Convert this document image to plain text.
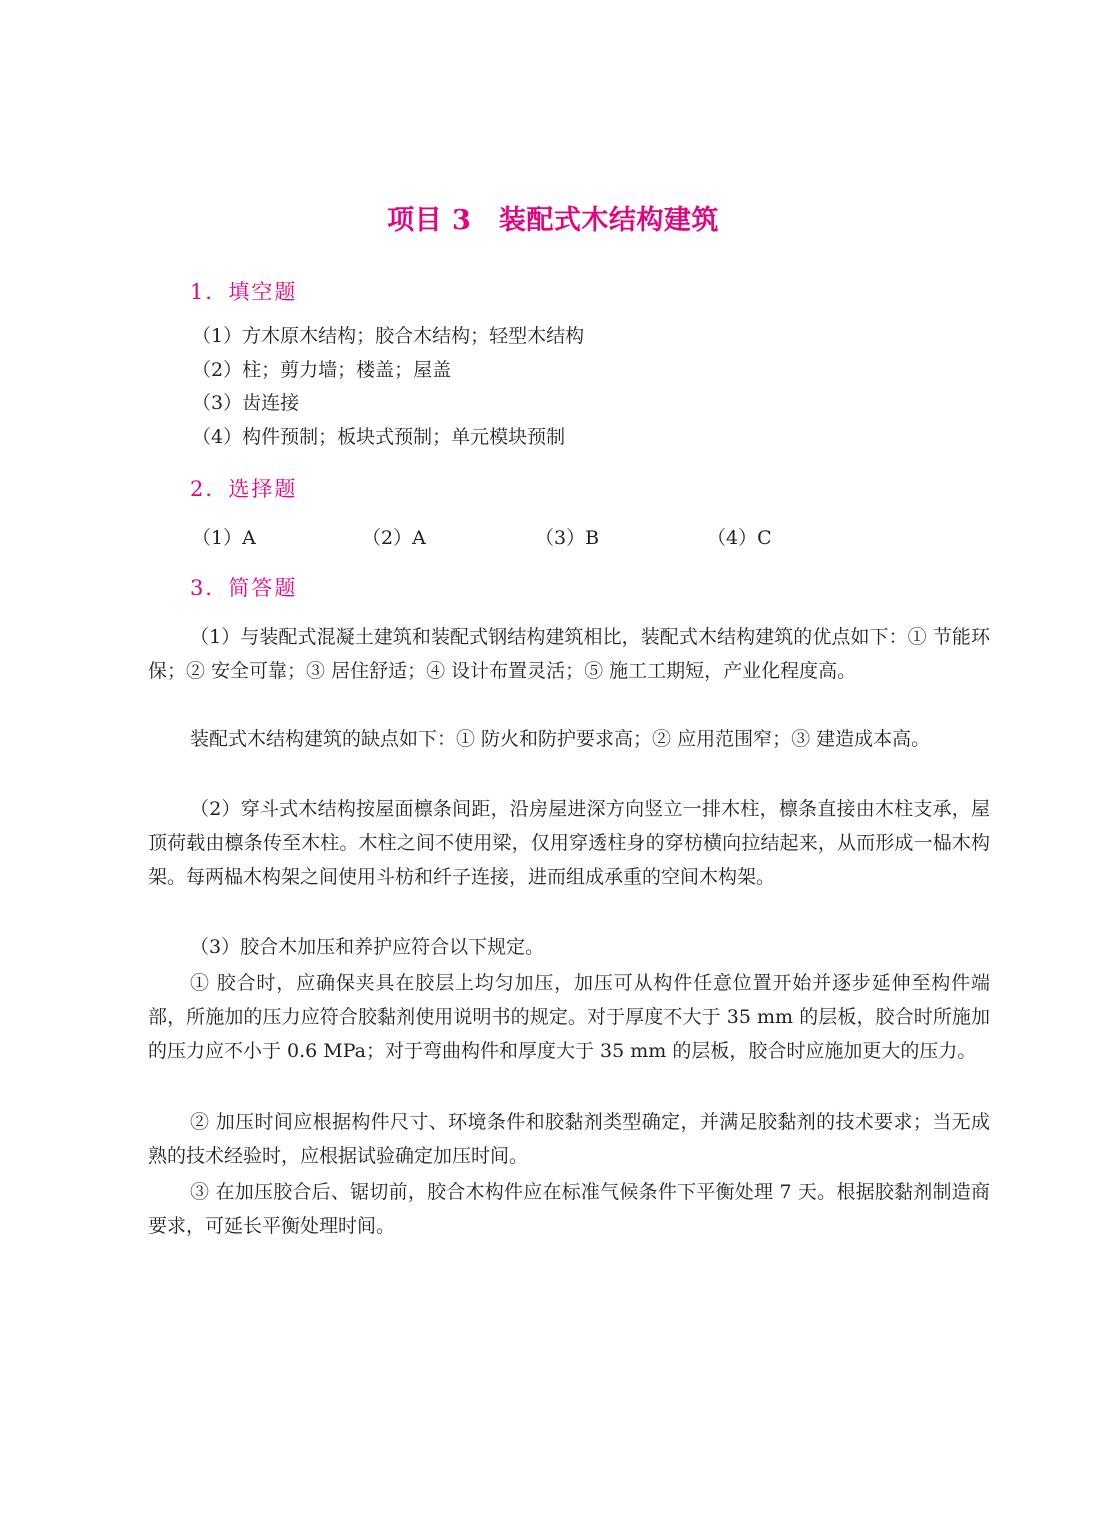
项目 3　装配式木结构建筑
1．填空题
（1）方木原木结构；胶合木结构；轻型木结构
（2）柱；剪力墙；楼盖；屋盖
（3）齿连接
（4）构件预制；板块式预制；单元模块预制
2．选择题
（1）A	（2）A	（3）B	（4）C
3．简答题
（1）与装配式混凝土建筑和装配式钢结构建筑相比，装配式木结构建筑的优点如下：① 节能环保；② 安全可靠；③ 居住舒适；④ 设计布置灵活；⑤ 施工工期短，产业化程度高。
装配式木结构建筑的缺点如下：① 防火和防护要求高；② 应用范围窄；③ 建造成本高。
（2）穿斗式木结构按屋面檩条间距，沿房屋进深方向竖立一排木柱，檩条直接由木柱支承，屋顶荷载由檩条传至木柱。木柱之间不使用梁，仅用穿透柱身的穿枋横向拉结起来，从而形成一榀木构架。每两榀木构架之间使用斗枋和纤子连接，进而组成承重的空间木构架。
（3）胶合木加压和养护应符合以下规定。
① 胶合时，应确保夹具在胶层上均匀加压，加压可从构件任意位置开始并逐步延伸至构件端部，所施加的压力应符合胶黏剂使用说明书的规定。对于厚度不大于 35 mm 的层板，胶合时所施加的压力应不小于 0.6 MPa；对于弯曲构件和厚度大于 35 mm 的层板，胶合时应施加更大的压力。
② 加压时间应根据构件尺寸、环境条件和胶黏剂类型确定，并满足胶黏剂的技术要求；当无成熟的技术经验时，应根据试验确定加压时间。
③ 在加压胶合后、锯切前，胶合木构件应在标准气候条件下平衡处理 7 天。根据胶黏剂制造商要求，可延长平衡处理时间。
